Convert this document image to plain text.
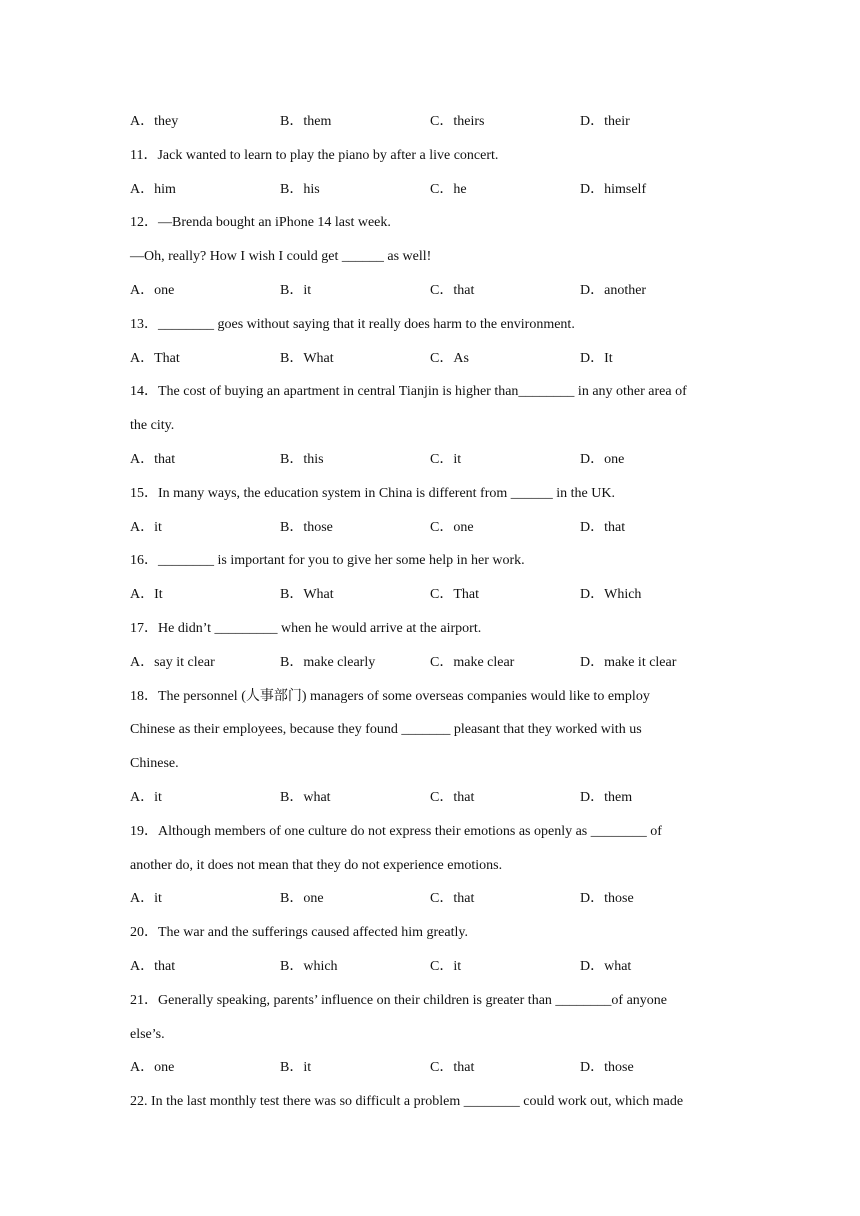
A．they	B．them	C．theirs	D．their
11．Jack wanted to learn to play the piano by after a live concert.
A．him	B．his	C．he	D．himself
12．—Brenda bought an iPhone 14 last week.
—Oh, really? How I wish I could get ______ as well!
A．one	B．it	C．that	D．another
13．________ goes without saying that it really does harm to the environment.
A．That	B．What	C．As	D．It
14．The cost of buying an apartment in central Tianjin is higher than________ in any other area of
the city.
A．that	B．this	C．it	D．one
15．In many ways, the education system in China is different from ______ in the UK.
A．it	B．those	C．one	D．that
16．________ is important for you to give her some help in her work.
A．It	B．What	C．That	D．Which
17．He didn’t _________ when he would arrive at the airport.
A．say it clear	B．make clearly	C．make clear	D．make it clear
18．The personnel (人事部门) managers of some overseas companies would like to employ
Chinese as their employees, because they found _______ pleasant that they worked with us
Chinese.
A．it	B．what	C．that	D．them
19．Although members of one culture do not express their emotions as openly as ________ of
another do, it does not mean that they do not experience emotions.
A．it	B．one	C．that	D．those
20．The war and the sufferings caused affected him greatly.
A．that	B．which	C．it	D．what
21．Generally speaking, parents’ influence on their children is greater than ________of anyone
else’s.
A．one	B．it	C．that	D．those
22. In the last monthly test there was so difficult a problem ________ could work out, which made
